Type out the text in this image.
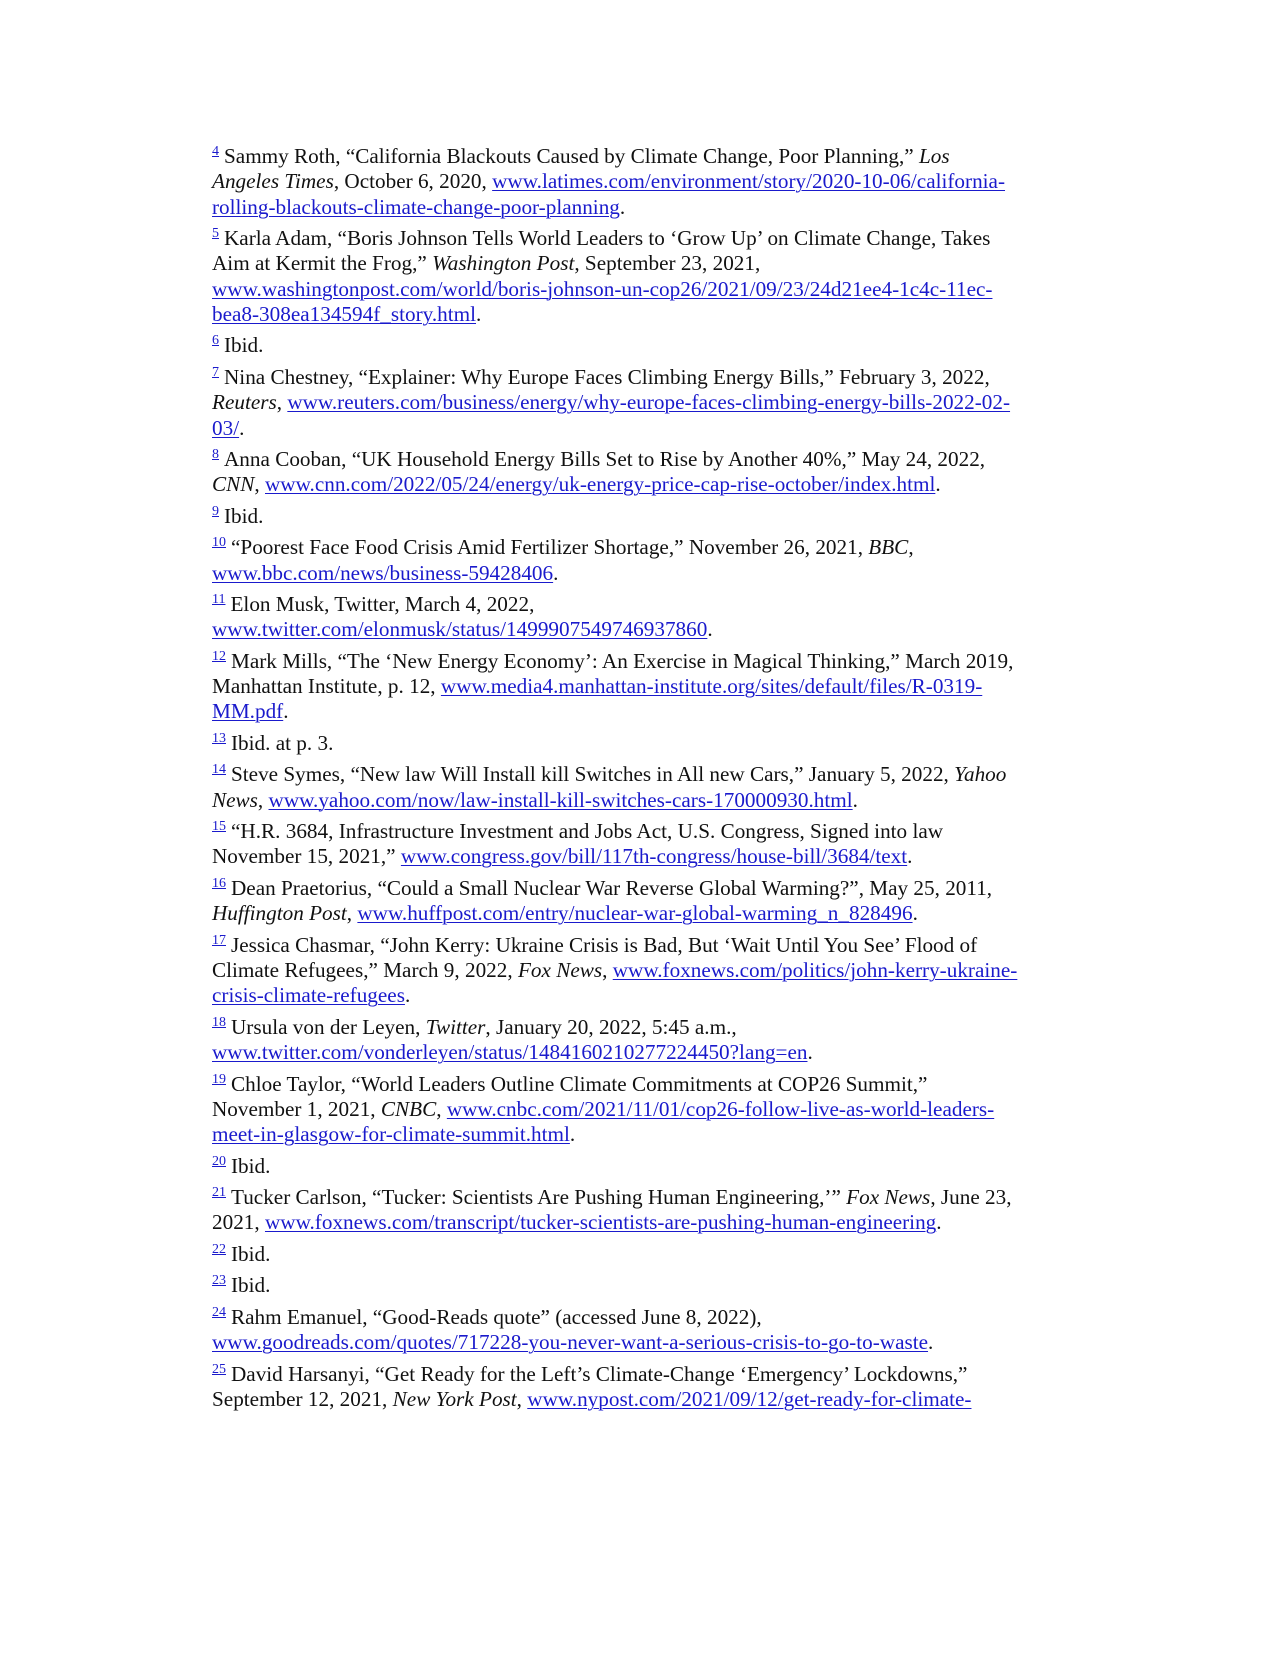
$^4$ Sammy Roth, “California Blackouts Caused by Climate Change, Poor Planning,” Los
Angeles Times, October 6, 2020, www.latimes.com/environment/story/2020-10-06/california-
rolling-blackouts-climate-change-poor-planning.
$^5$ Karla Adam, “Boris Johnson Tells World Leaders to ‘Grow Up’ on Climate Change, Takes
Aim at Kermit the Frog,” Washington Post, September 23, 2021,
www.washingtonpost.com/world/boris-johnson-un-cop26/2021/09/23/24d21ee4-1c4c-11ec-
bea8-308ea134594f_story.html.
$^6$ Ibid.
$^7$ Nina Chestney, “Explainer: Why Europe Faces Climbing Energy Bills,” February 3, 2022,
Reuters, www.reuters.com/business/energy/why-europe-faces-climbing-energy-bills-2022-02-
03/.
$^8$ Anna Cooban, “UK Household Energy Bills Set to Rise by Another 40%,” May 24, 2022,
CNN, www.cnn.com/2022/05/24/energy/uk-energy-price-cap-rise-october/index.html.
$^9$ Ibid.
$^{10}$ “Poorest Face Food Crisis Amid Fertilizer Shortage,” November 26, 2021, BBC,
www.bbc.com/news/business-59428406.
$^{11}$ Elon Musk, Twitter, March 4, 2022,
www.twitter.com/elonmusk/status/1499907549746937860.
$^{12}$ Mark Mills, “The ‘New Energy Economy’: An Exercise in Magical Thinking,” March 2019,
Manhattan Institute, p. 12, www.media4.manhattan-institute.org/sites/default/files/R-0319-
MM.pdf.
$^{13}$ Ibid. at p. 3.
$^{14}$ Steve Symes, “New law Will Install kill Switches in All new Cars,” January 5, 2022, Yahoo
News, www.yahoo.com/now/law-install-kill-switches-cars-170000930.html.
$^{15}$ “H.R. 3684, Infrastructure Investment and Jobs Act, U.S. Congress, Signed into law
November 15, 2021,” www.congress.gov/bill/117th-congress/house-bill/3684/text.
$^{16}$ Dean Praetorius, “Could a Small Nuclear War Reverse Global Warming?”, May 25, 2011,
Huffington Post, www.huffpost.com/entry/nuclear-war-global-warming_n_828496.
$^{17}$ Jessica Chasmar, “John Kerry: Ukraine Crisis is Bad, But ‘Wait Until You See’ Flood of
Climate Refugees,” March 9, 2022, Fox News, www.foxnews.com/politics/john-kerry-ukraine-
crisis-climate-refugees.
$^{18}$ Ursula von der Leyen, Twitter, January 20, 2022, 5:45 a.m.,
www.twitter.com/vonderleyen/status/1484160210277224450?lang=en.
$^{19}$ Chloe Taylor, “World Leaders Outline Climate Commitments at COP26 Summit,”
November 1, 2021, CNBC, www.cnbc.com/2021/11/01/cop26-follow-live-as-world-leaders-
meet-in-glasgow-for-climate-summit.html.
$^{20}$ Ibid.
$^{21}$ Tucker Carlson, “Tucker: Scientists Are Pushing Human Engineering,’” Fox News, June 23,
2021, www.foxnews.com/transcript/tucker-scientists-are-pushing-human-engineering.
$^{22}$ Ibid.
$^{23}$ Ibid.
$^{24}$ Rahm Emanuel, “Good-Reads quote” (accessed June 8, 2022),
www.goodreads.com/quotes/717228-you-never-want-a-serious-crisis-to-go-to-waste.
$^{25}$ David Harsanyi, “Get Ready for the Left’s Climate-Change ‘Emergency’ Lockdowns,”
September 12, 2021, New York Post, www.nypost.com/2021/09/12/get-ready-for-climate-
